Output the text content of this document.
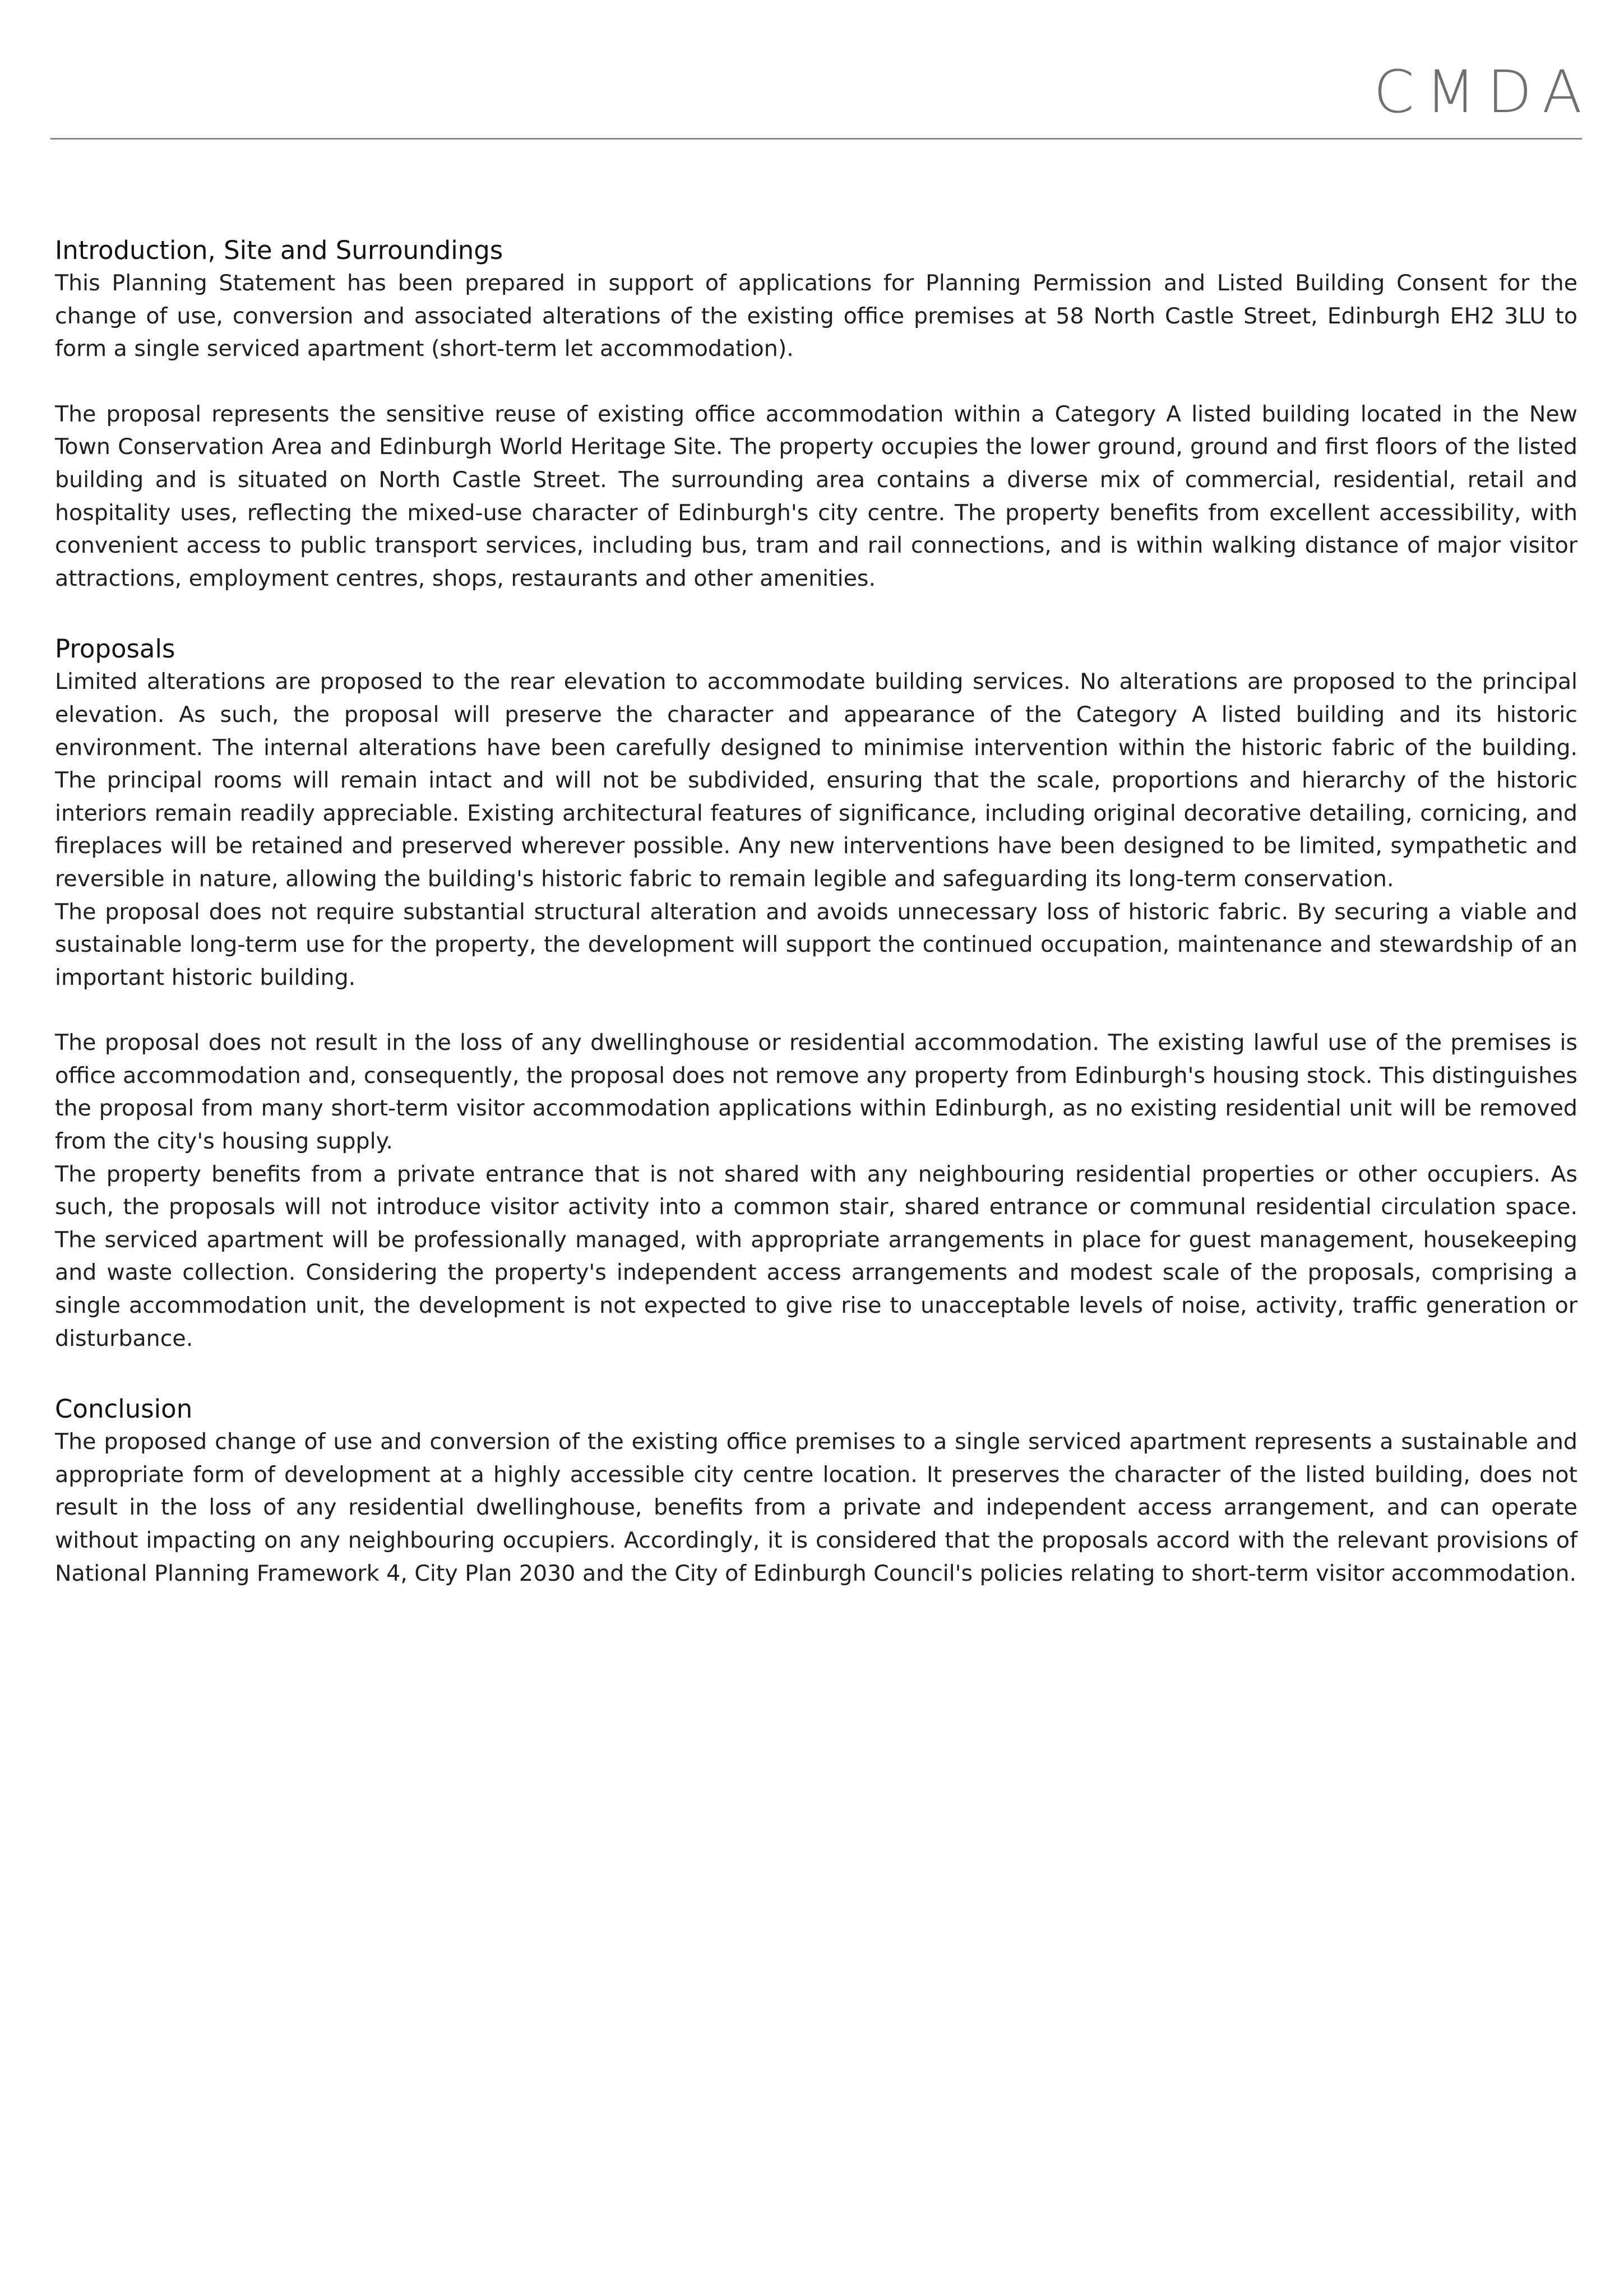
CMDA
Introduction, Site and Surroundings

This Planning Statement has been prepared in support of applications for Planning Permission and Listed Building Consent for the change of use, conversion and associated alterations of the existing office premises at 58 North Castle Street, Edinburgh EH2 3LU to form a single serviced apartment (short-term let accommodation).

The proposal represents the sensitive reuse of existing office accommodation within a Category A listed building located in the New Town Conservation Area and Edinburgh World Heritage Site. The property occupies the lower ground, ground and first floors of the listed building and is situated on North Castle Street. The surrounding area contains a diverse mix of commercial, residential, retail and hospitality uses, reflecting the mixed-use character of Edinburgh's city centre. The property benefits from excellent accessibility, with convenient access to public transport services, including bus, tram and rail connections, and is within walking distance of major visitor attractions, employment centres, shops, restaurants and other amenities.

Proposals

Limited alterations are proposed to the rear elevation to accommodate building services. No alterations are proposed to the principal elevation. As such, the proposal will preserve the character and appearance of the Category A listed building and its historic environment. The internal alterations have been carefully designed to minimise intervention within the historic fabric of the building. The principal rooms will remain intact and will not be subdivided, ensuring that the scale, proportions and hierarchy of the historic interiors remain readily appreciable. Existing architectural features of significance, including original decorative detailing, cornicing, and fireplaces will be retained and preserved wherever possible. Any new interventions have been designed to be limited, sympathetic and reversible in nature, allowing the building's historic fabric to remain legible and safeguarding its long-term conservation.

The proposal does not require substantial structural alteration and avoids unnecessary loss of historic fabric. By securing a viable and sustainable long-term use for the property, the development will support the continued occupation, maintenance and stewardship of an important historic building.

The proposal does not result in the loss of any dwellinghouse or residential accommodation. The existing lawful use of the premises is office accommodation and, consequently, the proposal does not remove any property from Edinburgh's housing stock. This distinguishes the proposal from many short-term visitor accommodation applications within Edinburgh, as no existing residential unit will be removed from the city's housing supply.

The property benefits from a private entrance that is not shared with any neighbouring residential properties or other occupiers. As such, the proposals will not introduce visitor activity into a common stair, shared entrance or communal residential circulation space. The serviced apartment will be professionally managed, with appropriate arrangements in place for guest management, housekeeping and waste collection. Considering the property's independent access arrangements and modest scale of the proposals, comprising a single accommodation unit, the development is not expected to give rise to unacceptable levels of noise, activity, traffic generation or disturbance.

Conclusion

The proposed change of use and conversion of the existing office premises to a single serviced apartment represents a sustainable and appropriate form of development at a highly accessible city centre location. It preserves the character of the listed building, does not result in the loss of any residential dwellinghouse, benefits from a private and independent access arrangement, and can operate without impacting on any neighbouring occupiers. Accordingly, it is considered that the proposals accord with the relevant provisions of National Planning Framework 4, City Plan 2030 and the City of Edinburgh Council's policies relating to short-term visitor accommodation.
